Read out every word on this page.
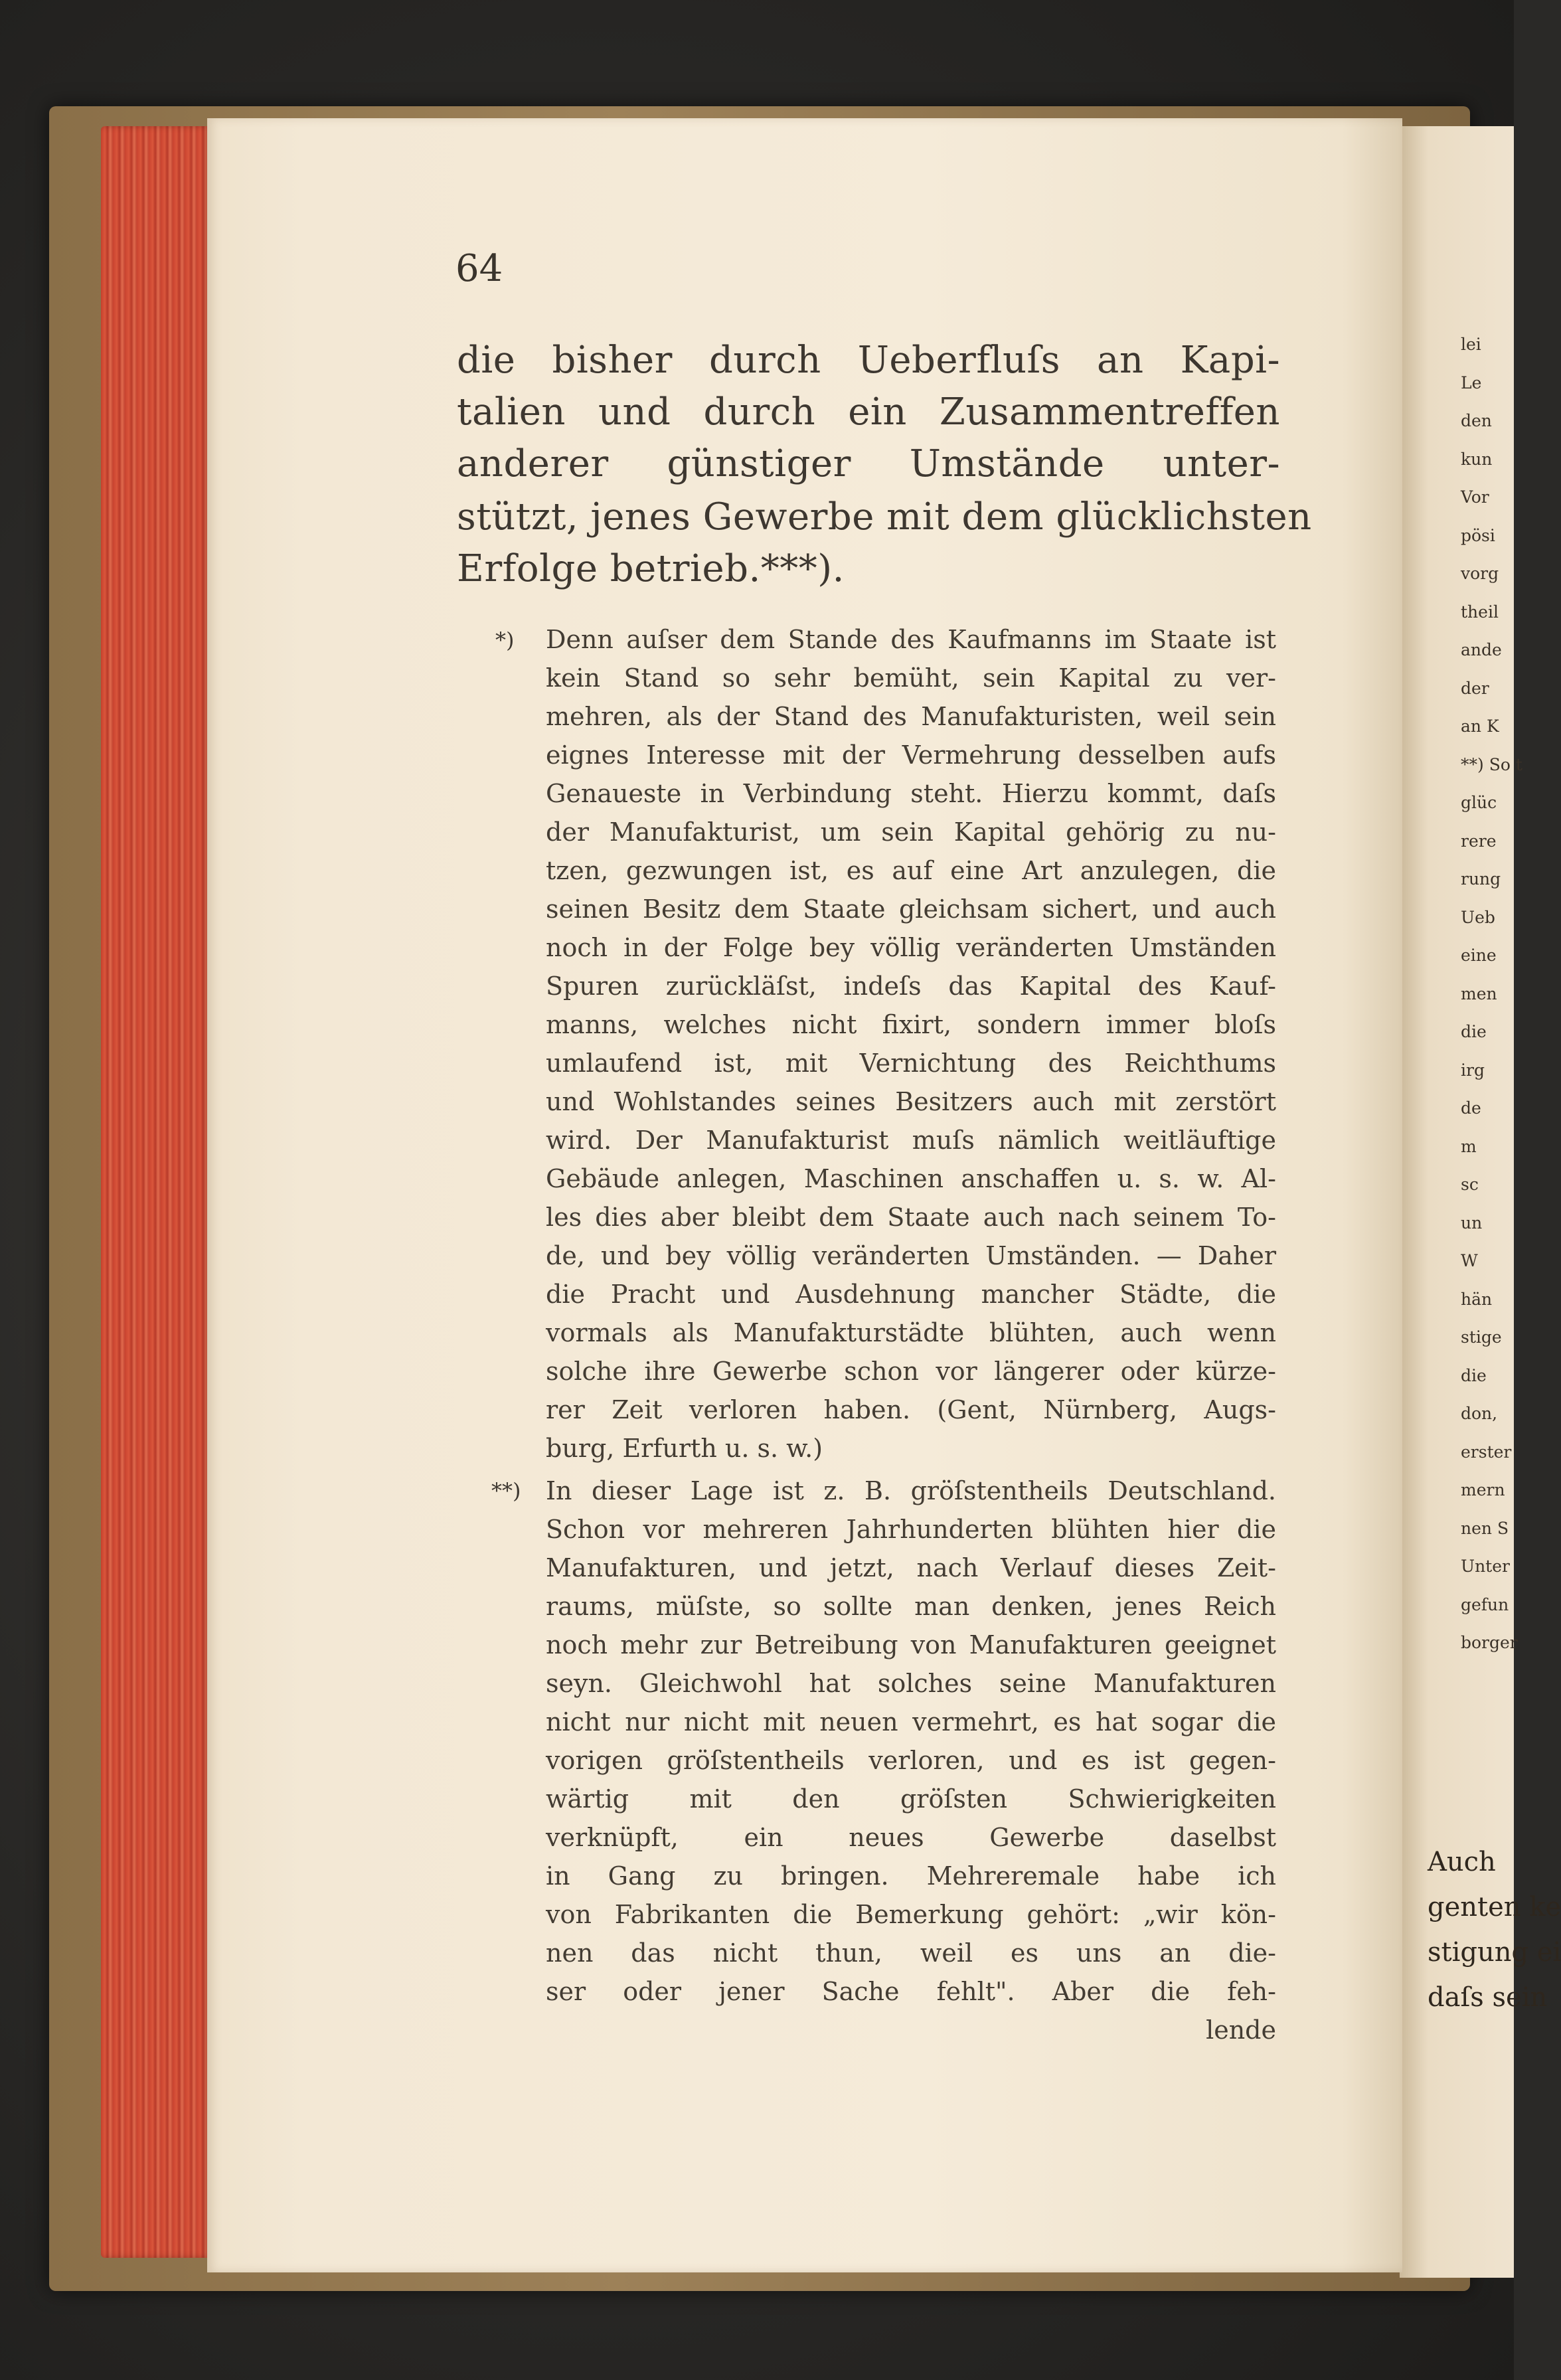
lei
Le
den
kun
Vor
pösi
vorg
theil
ande
der
an K
**) So t
glüc
rere
rung
Ueb
eine
men
die
irg
de
m
sc
un
W
hän
stige
die
don,
erster
mern
nen S
Unter
gefun
borger
Auch
genten ke
stigung ei
daſs sein
64
die bisher durch Ueberfluſs an Kapi-
talien und durch ein Zusammentreffen
anderer günstiger Umstände unter-
stützt, jenes Gewerbe mit dem glücklichsten
Erfolge betrieb.***).
*) Denn auſser dem Stande des Kaufmanns im Staate ist
kein Stand so sehr bemüht, sein Kapital zu ver-
mehren, als der Stand des Manufakturisten, weil sein
eignes Interesse mit der Vermehrung desselben aufs
Genaueste in Verbindung steht. Hierzu kommt, daſs
der Manufakturist, um sein Kapital gehörig zu nu-
tzen, gezwungen ist, es auf eine Art anzulegen, die
seinen Besitz dem Staate gleichsam sichert, und auch
noch in der Folge bey völlig veränderten Umständen
Spuren zurückläſst, indeſs das Kapital des Kauf-
manns, welches nicht fixirt, sondern immer bloſs
umlaufend ist, mit Vernichtung des Reichthums
und Wohlstandes seines Besitzers auch mit zerstört
wird. Der Manufakturist muſs nämlich weitläuftige
Gebäude anlegen, Maschinen anschaffen u. s. w. Al-
les dies aber bleibt dem Staate auch nach seinem To-
de, und bey völlig veränderten Umständen. — Daher
die Pracht und Ausdehnung mancher Städte, die
vormals als Manufakturstädte blühten, auch wenn
solche ihre Gewerbe schon vor längerer oder kürze-
rer Zeit verloren haben. (Gent, Nürnberg, Augs-
burg, Erfurth u. s. w.)
**) In dieser Lage ist z. B. gröſstentheils Deutschland.
Schon vor mehreren Jahrhunderten blühten hier die
Manufakturen, und jetzt, nach Verlauf dieses Zeit-
raums, müſste, so sollte man denken, jenes Reich
noch mehr zur Betreibung von Manufakturen geeignet
seyn. Gleichwohl hat solches seine Manufakturen
nicht nur nicht mit neuen vermehrt, es hat sogar die
vorigen gröſstentheils verloren, und es ist gegen-
wärtig mit den gröſsten Schwierigkeiten
verknüpft, ein neues Gewerbe daselbst
in Gang zu bringen. Mehreremale habe ich
von Fabrikanten die Bemerkung gehört: „wir kön-
nen das nicht thun, weil es uns an die-
ser oder jener Sache fehlt". Aber die feh-
lende
